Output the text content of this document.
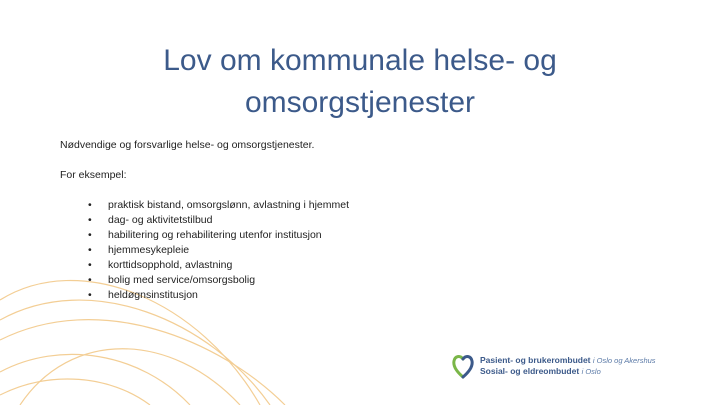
Lov om kommunale helse- og
omsorgstjenester
Nødvendige og forsvarlige helse- og omsorgstjenester.
For eksempel:
• praktisk bistand, omsorgslønn, avlastning i hjemmet
• dag- og aktivitetstilbud
• habilitering og rehabilitering utenfor institusjon
• hjemmesykepleie
• korttidsopphold, avlastning
• bolig med service/omsorgsbolig
• heldøgnsinstitusjon
Pasient- og brukerombudet i Oslo og Akershus
Sosial- og eldreombudet i Oslo
